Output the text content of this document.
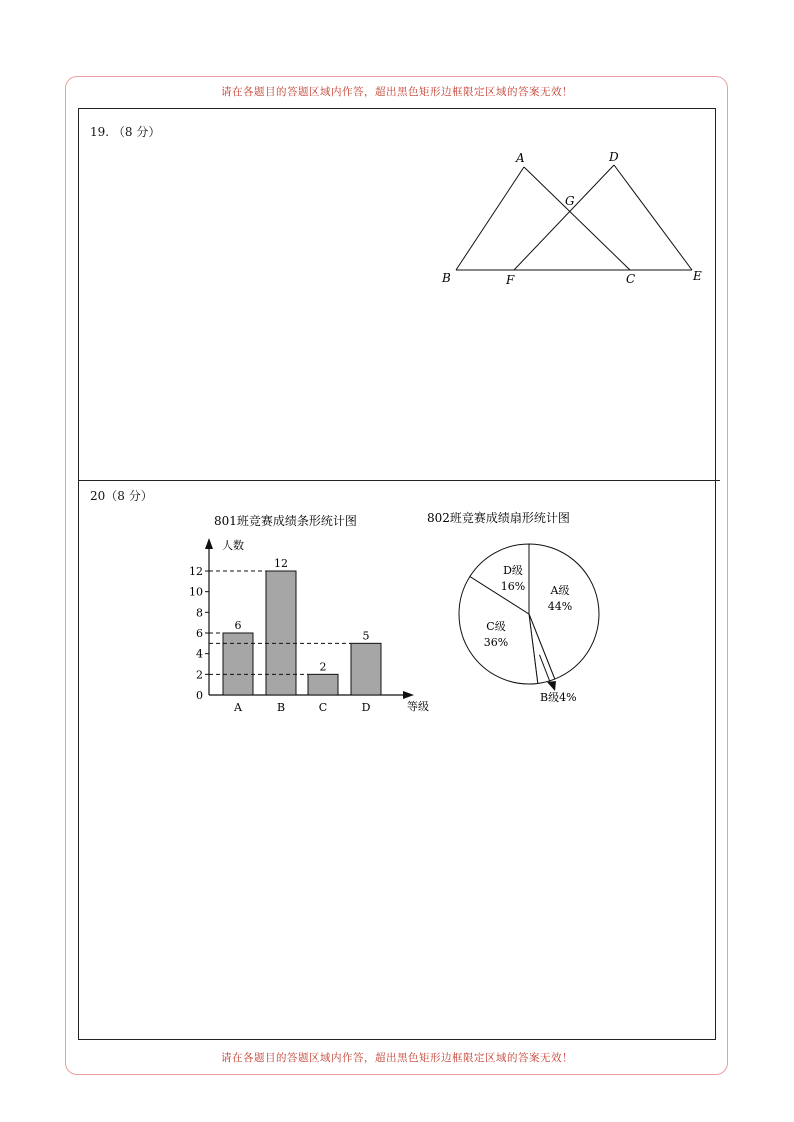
请在各题目的答题区域内作答，超出黑色矩形边框限定区域的答案无效！
请在各题目的答题区域内作答，超出黑色矩形边框限定区域的答案无效！
19. （8 分）
20（8 分）
A	D
G
B	F	C	E
801班竞赛成绩条形统计图
人数
等级
0
2
4
6
8
10
12
6
A
12
B
2
C
5
D
802班竞赛成绩扇形统计图
A级
44%
C级
36%
D级
16%
B级4%
